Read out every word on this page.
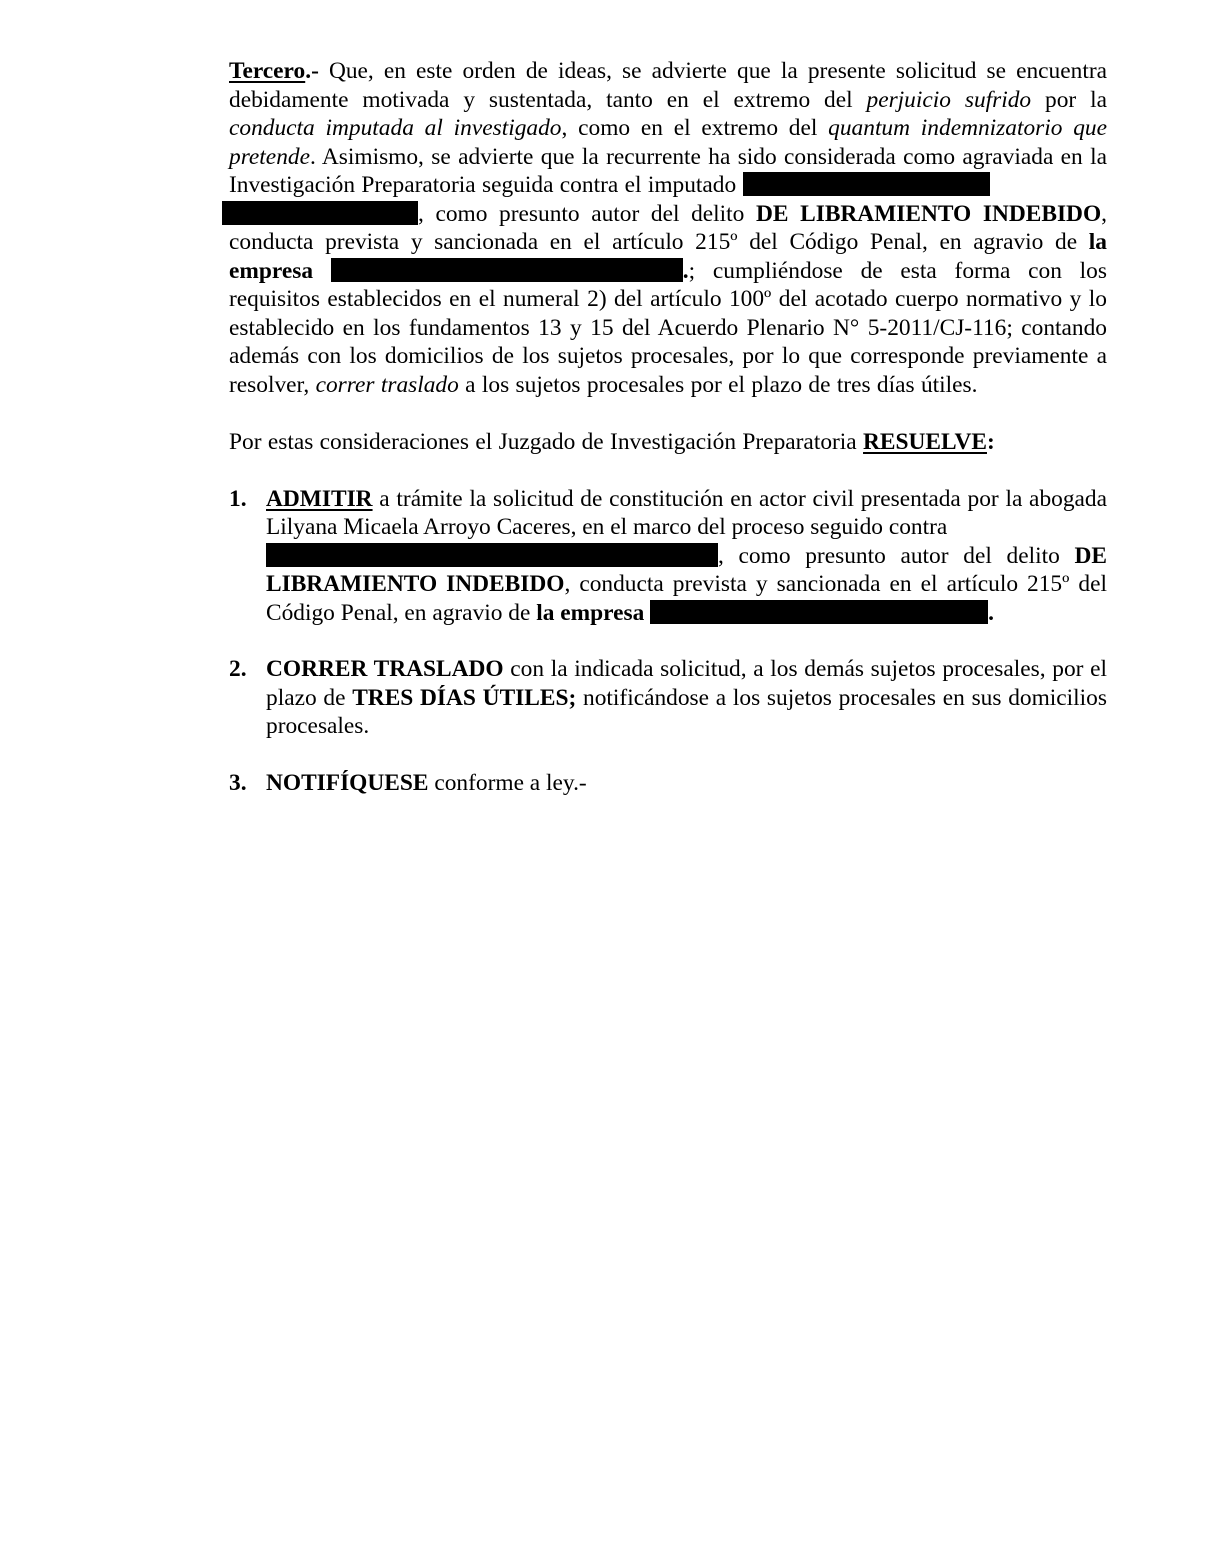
Tercero.- Que, en este orden de ideas, se advierte que la presente solicitud se encuentra debidamente motivada y sustentada, tanto en el extremo del perjuicio sufrido por la conducta imputada al investigado, como en el extremo del quantum indemnizatorio que pretende. Asimismo, se advierte que la recurrente ha sido considerada como agraviada en la Investigación Preparatoria seguida contra el imputado
, como presunto autor del delito DE LIBRAMIENTO INDEBIDO, conducta prevista y sancionada en el artículo 215º del Código Penal, en agravio de la empresa	.; cumpliéndose de esta forma con los requisitos establecidos en el numeral 2) del artículo 100º del acotado cuerpo normativo y lo establecido en los fundamentos 13 y 15 del Acuerdo Plenario N° 5-2011/CJ-116; contando además con los domicilios de los sujetos procesales, por lo que corresponde previamente a resolver, correr traslado a los sujetos procesales por el plazo de tres días útiles.

Por estas consideraciones el Juzgado de Investigación Preparatoria RESUELVE:

1. ADMITIR a trámite la solicitud de constitución en actor civil presentada por la abogada Lilyana Micaela Arroyo Caceres, en el marco del proceso seguido contra
, como presunto autor del delito DE LIBRAMIENTO INDEBIDO, conducta prevista y sancionada en el artículo 215º del Código Penal, en agravio de la empresa	.
2. CORRER TRASLADO con la indicada solicitud, a los demás sujetos procesales, por el plazo de TRES DÍAS ÚTILES; notificándose a los sujetos procesales en sus domicilios procesales.
3. NOTIFÍQUESE conforme a ley.-
